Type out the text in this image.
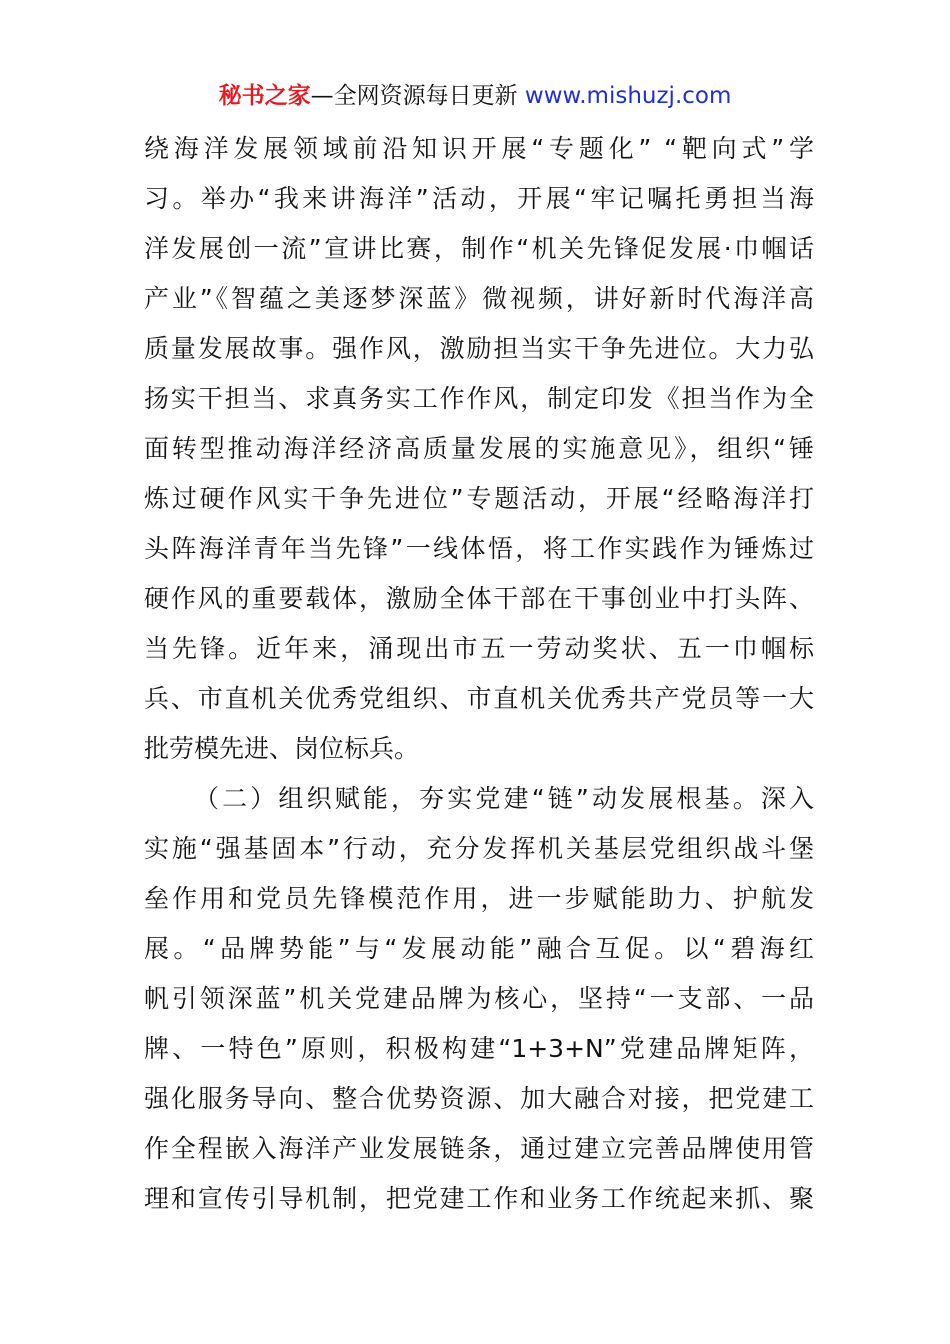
秘书之家—全网资源每日更新 www.mishuzj.com
绕海洋发展领域前沿知识开展“专题化” “靶向式”学
习。举办“我来讲海洋”活动，开展“牢记嘱托勇担当海
洋发展创一流”宣讲比赛，制作“机关先锋促发展·巾帼话
产业”《智蕴之美逐梦深蓝》微视频，讲好新时代海洋高
质量发展故事。强作风，激励担当实干争先进位。大力弘
扬实干担当、求真务实工作作风，制定印发《担当作为全
面转型推动海洋经济高质量发展的实施意见》，组织“锤
炼过硬作风实干争先进位”专题活动，开展“经略海洋打
头阵海洋青年当先锋”一线体悟，将工作实践作为锤炼过
硬作风的重要载体，激励全体干部在干事创业中打头阵、
当先锋。近年来，涌现出市五一劳动奖状、五一巾帼标
兵、市直机关优秀党组织、市直机关优秀共产党员等一大
批劳模先进、岗位标兵。
（二）组织赋能，夯实党建“链”动发展根基。深入
实施“强基固本”行动，充分发挥机关基层党组织战斗堡
垒作用和党员先锋模范作用，进一步赋能助力、护航发
展。“品牌势能”与“发展动能”融合互促。以“碧海红
帆引领深蓝”机关党建品牌为核心，坚持“一支部、一品
牌、一特色”原则，积极构建“1+3+N”党建品牌矩阵，
强化服务导向、整合优势资源、加大融合对接，把党建工
作全程嵌入海洋产业发展链条，通过建立完善品牌使用管
理和宣传引导机制，把党建工作和业务工作统起来抓、聚
